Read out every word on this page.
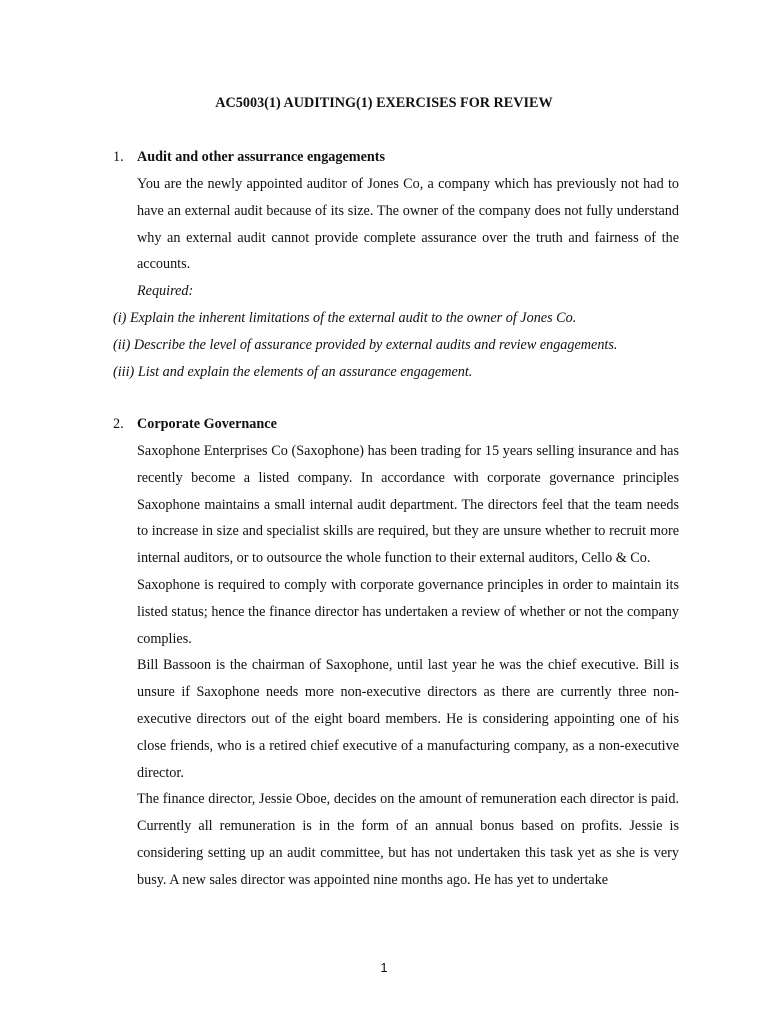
AC5003(1) AUDITING(1) EXERCISES FOR REVIEW
1. Audit and other assurrance engagements

You are the newly appointed auditor of Jones Co, a company which has previously not had to have an external audit because of its size. The owner of the company does not fully understand why an external audit cannot provide complete assurance over the truth and fairness of the accounts.

Required:
(i) Explain the inherent limitations of the external audit to the owner of Jones Co.
(ii) Describe the level of assurance provided by external audits and review engagements.
(iii) List and explain the elements of an assurance engagement.
2. Corporate Governance

Saxophone Enterprises Co (Saxophone) has been trading for 15 years selling insurance and has recently become a listed company. In accordance with corporate governance principles Saxophone maintains a small internal audit department. The directors feel that the team needs to increase in size and specialist skills are required, but they are unsure whether to recruit more internal auditors, or to outsource the whole function to their external auditors, Cello & Co.

Saxophone is required to comply with corporate governance principles in order to maintain its listed status; hence the finance director has undertaken a review of whether or not the company complies.

Bill Bassoon is the chairman of Saxophone, until last year he was the chief executive. Bill is unsure if Saxophone needs more non-executive directors as there are currently three non-executive directors out of the eight board members. He is considering appointing one of his close friends, who is a retired chief executive of a manufacturing company, as a non-executive director.

The finance director, Jessie Oboe, decides on the amount of remuneration each director is paid. Currently all remuneration is in the form of an annual bonus based on profits. Jessie is considering setting up an audit committee, but has not undertaken this task yet as she is very busy. A new sales director was appointed nine months ago. He has yet to undertake

1
